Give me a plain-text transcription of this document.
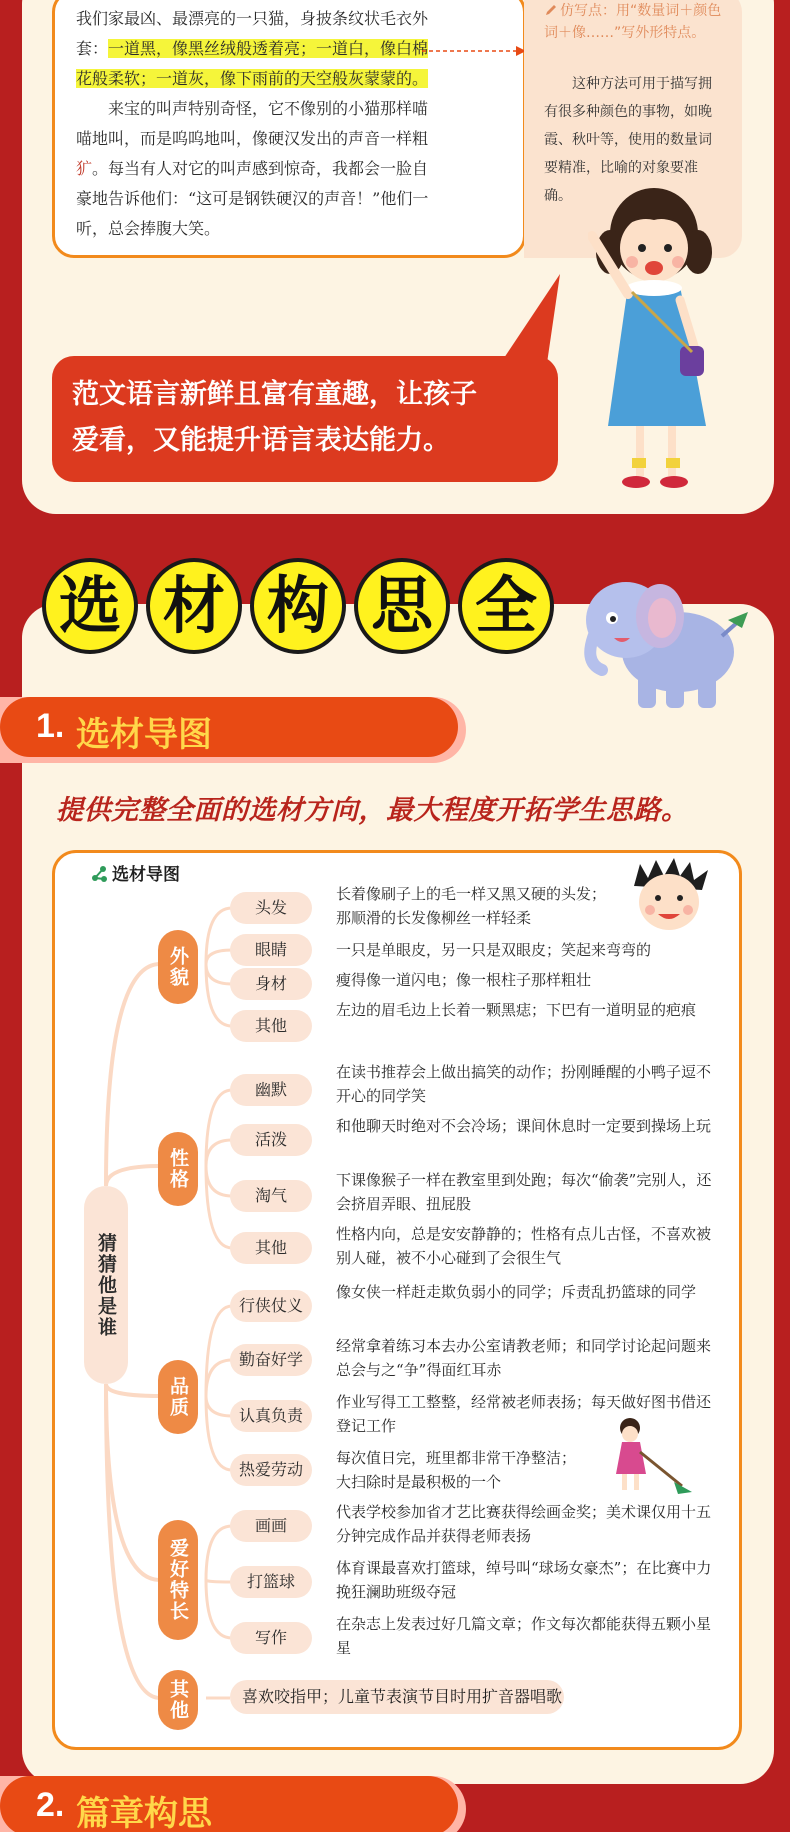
我们家最凶、最漂亮的一只猫，身披条纹状毛衣外

套：一道黑，像黑丝绒般透着亮；一道白，像白棉

花般柔软；一道灰，像下雨前的天空般灰蒙蒙的。

来宝的叫声特别奇怪，它不像别的小猫那样喵

喵地叫，而是呜呜地叫，像硬汉发出的声音一样粗

犷。每当有人对它的叫声感到惊奇，我都会一脸自

豪地告诉他们：“这可是钢铁硬汉的声音！”他们一

听，总会捧腹大笑。

仿写点：用“数量词＋颜色词＋像……”写外形特点。
这种方法可用于描写拥有很多种颜色的事物，如晚霞、秋叶等，使用的数量词要精准，比喻的对象要准确。
范文语言新鲜且富有童趣，让孩子
爱看，又能提升语言表达能力。
选 材 构 思 全
1. 选材导图
提供完整全面的选材方向，最大程度开拓学生思路。
选材导图
猜猜他是谁
外貌
性格
品质
爱好特长
其他
头发
长着像刷子上的毛一样又黑又硬的头发；那顺滑的长发像柳丝一样轻柔
眼睛	一只是单眼皮，另一只是双眼皮；笑起来弯弯的
身材	瘦得像一道闪电；像一根柱子那样粗壮
其他
左边的眉毛边上长着一颗黑痣；下巴有一道明显的疤痕
幽默
在读书推荐会上做出搞笑的动作；扮刚睡醒的小鸭子逗不开心的同学笑
活泼
和他聊天时绝对不会冷场；课间休息时一定要到操场上玩
淘气
下课像猴子一样在教室里到处跑；每次“偷袭”完别人，还会挤眉弄眼、扭屁股
其他
性格内向，总是安安静静的；性格有点儿古怪，不喜欢被别人碰，被不小心碰到了会很生气
行侠仗义
像女侠一样赶走欺负弱小的同学；斥责乱扔篮球的同学
勤奋好学
经常拿着练习本去办公室请教老师；和同学讨论起问题来总会与之“争”得面红耳赤
认真负责
作业写得工工整整，经常被老师表扬；每天做好图书借还登记工作
热爱劳动
每次值日完，班里都非常干净整洁；大扫除时是最积极的一个
画画
代表学校参加省才艺比赛获得绘画金奖；美术课仅用十五分钟完成作品并获得老师表扬
打篮球
体育课最喜欢打篮球，绰号叫“球场女豪杰”；在比赛中力挽狂澜助班级夺冠
写作
在杂志上发表过好几篇文章；作文每次都能获得五颗小星星
喜欢咬指甲；儿童节表演节目时用扩音器唱歌
2. 篇章构思
